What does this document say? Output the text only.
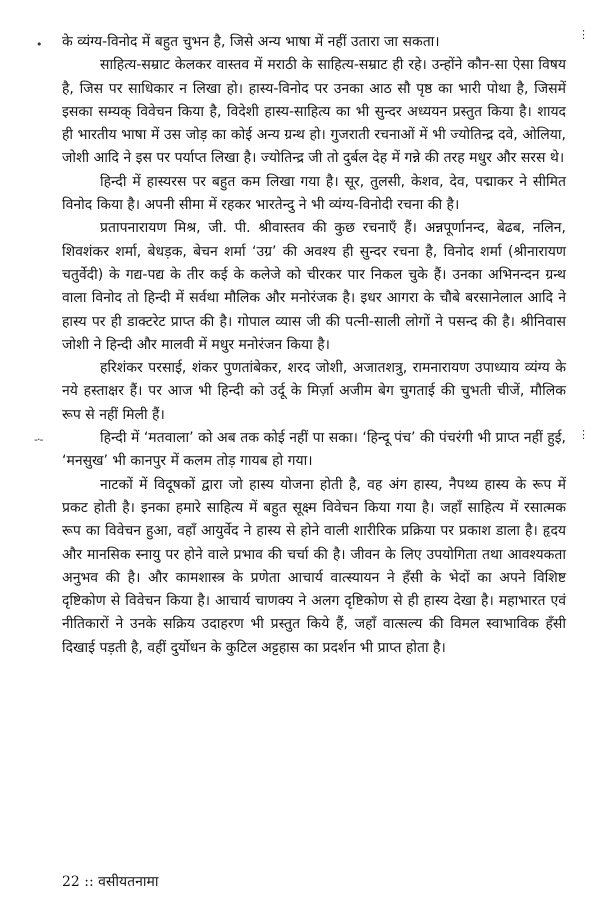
•
⋮
-·-	⋮

के व्यंग्य-विनोद में बहुत चुभन है, जिसे अन्य भाषा में नहीं उतारा जा सकता।

साहित्य-सम्राट केलकर वास्तव में मराठी के साहित्य-सम्राट ही रहे। उन्होंने कौन-सा ऐसा विषय है, जिस पर साधिकार न लिखा हो। हास्य-विनोद पर उनका आठ सौ पृष्ठ का भारी पोथा है, जिसमें इसका सम्यक् विवेचन किया है, विदेशी हास्य-साहित्य का भी सुन्दर अध्ययन प्रस्तुत किया है। शायद ही भारतीय भाषा में उस जोड़ का कोई अन्य ग्रन्थ हो। गुजराती रचनाओं में भी ज्योतिन्द्र दवे, ओलिया, जोशी आदि ने इस पर पर्याप्त लिखा है। ज्योतिन्द्र जी तो दुर्बल देह में गन्ने की तरह मधुर और सरस थे।

हिन्दी में हास्यरस पर बहुत कम लिखा गया है। सूर, तुलसी, केशव, देव, पद्माकर ने सीमित विनोद किया है। अपनी सीमा में रहकर भारतेन्दु ने भी व्यंग्य-विनोदी रचना की है।

प्रतापनारायण मिश्र, जी. पी. श्रीवास्तव की कुछ रचनाएँ हैं। अन्नपूर्णानन्द, बेढब, नलिन, शिवशंकर शर्मा, बेधड़क, बेचन शर्मा ‘उग्र’ की अवश्य ही सुन्दर रचना है, विनोद शर्मा (श्रीनारायण चतुर्वेदी) के गद्य-पद्य के तीर कई के कलेजे को चीरकर पार निकल चुके हैं। उनका अभिनन्दन ग्रन्थ वाला विनोद तो हिन्दी में सर्वथा मौलिक और मनोरंजक है। इधर आगरा के चौबे बरसानेलाल आदि ने हास्य पर ही डाक्टरेट प्राप्त की है। गोपाल व्यास जी की पत्नी-साली लोगों ने पसन्द की है। श्रीनिवास जोशी ने हिन्दी और मालवी में मधुर मनोरंजन किया है।

हरिशंकर परसाई, शंकर पुणतांबेकर, शरद जोशी, अजातशत्रु, रामनारायण उपाध्याय व्यंग्य के नये हस्ताक्षर हैं। पर आज भी हिन्दी को उर्दू के मिर्ज़ा अजीम बेग चुगताई की चुभती चीजें, मौलिक रूप से नहीं मिली हैं।

हिन्दी में ‘मतवाला’ को अब तक कोई नहीं पा सका। ‘हिन्दू पंच’ की पंचरंगी भी प्राप्त नहीं हुई, ‘मनसुख’ भी कानपुर में कलम तोड़ गायब हो गया।

नाटकों में विदूषकों द्वारा जो हास्य योजना होती है, वह अंग हास्य, नैपथ्य हास्य के रूप में प्रकट होती है। इनका हमारे साहित्य में बहुत सूक्ष्म विवेचन किया गया है। जहाँ साहित्य में रसात्मक रूप का विवेचन हुआ, वहाँ आयुर्वेद ने हास्य से होने वाली शारीरिक प्रक्रिया पर प्रकाश डाला है। हृदय और मानसिक स्नायु पर होने वाले प्रभाव की चर्चा की है। जीवन के लिए उपयोगिता तथा आवश्यकता अनुभव की है। और कामशास्त्र के प्रणेता आचार्य वात्स्यायन ने हँसी के भेदों का अपने विशिष्ट दृष्टिकोण से विवेचन किया है। आचार्य चाणक्य ने अलग दृष्टिकोण से ही हास्य देखा है। महाभारत एवं नीतिकारों ने उनके सक्रिय उदाहरण भी प्रस्तुत किये हैं, जहाँ वात्सल्य की विमल स्वाभाविक हँसी दिखाई पड़ती है, वहीं दुर्योधन के कुटिल अट्टहास का प्रदर्शन भी प्राप्त होता है।

22 :: वसीयतनामा
